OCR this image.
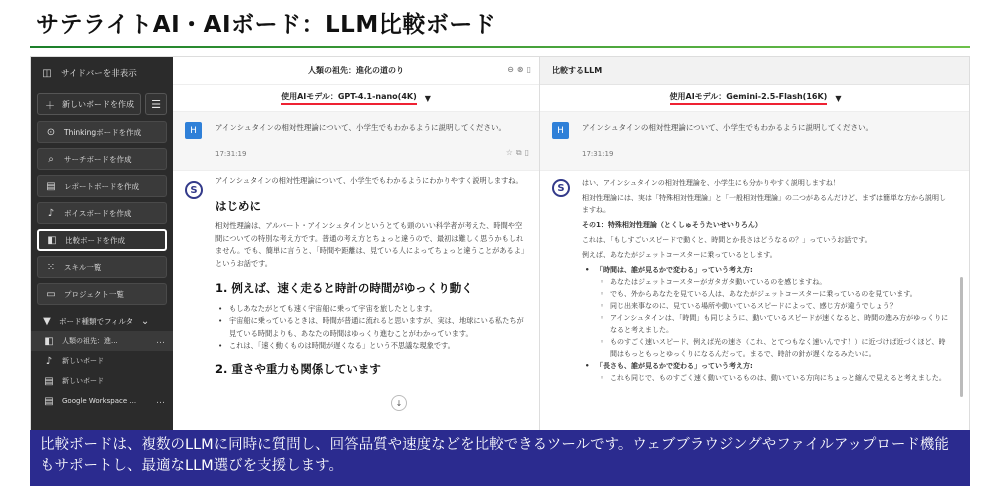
サテライトAI・AIボード：LLM比較ボード
◫ サイドバーを非表示
＋ 新しいボードを作成 ☰
⊙ Thinkingボードを作成
⌕	サーチボードを作成
▤ レポートボードを作成
♪	ボイスボードを作成
◧ 比較ボードを作成
⁙ スキル一覧
▭ プロジェクト一覧
▼ ボード種類でフィルタ ⌄
◧ 人類の祖先：進...	…
♪	新しいボード
▤ 新しいボード
▤ Google Workspace ... …
人類の祖先：進化の道のり	⊖ ⊗ ▯
使用AIモデル：GPT-4.1-nano(4K) ▼
H	アインシュタインの相対性理論について、小学生でもわかるように説明してください。
17:31:19	☆ ⧉ ▯
S

アインシュタインの相対性理論について、小学生でもわかるようにわかりやすく説明しますね。

はじめに

相対性理論は、アルバート・アインシュタインというとても頭のいい科学者が考えた、時間や空間についての特別な考え方です。普通の考え方とちょっと違うので、最初は難しく思うかもしれません。でも、簡単に言うと、「時間や距離は、見ている人によってちょっと違うことがあるよ」というお話です。

1. 例えば、速く走ると時計の時間がゆっくり動く

• もしあなたがとても速く宇宙船に乗って宇宙を旅したとします。
• 宇宙船に乗っているときは、時間が普通に流れると思いますが、実は、地球にいる私たちが見ている時間よりも、あなたの時間はゆっくり進むことがわかっています。
• これは、「速く動くものは時間が遅くなる」という不思議な現象です。

2. 重さや重力も関係しています

↓
比較するLLM
使用AIモデル：Gemini-2.5-Flash(16K) ▼
H	アインシュタインの相対性理論について、小学生でもわかるように説明してください。
17:31:19
S	はい、アインシュタインの相対性理論を、小学生にも分かりやすく説明しますね！

相対性理論には、実は「特殊相対性理論」と「一般相対性理論」の二つがあるんだけど、まずは簡単な方から説明しますね。

その1：特殊相対性理論（とくしゅそうたいせいりろん）

これは、「もしすごいスピードで動くと、時間とか長さはどうなるの？」っていうお話です。

例えば、あなたがジェットコースターに乗っているとします。

• 「時間は、誰が見るかで変わる」っていう考え方:
◦ あなたはジェットコースターがガタガタ動いているのを感じますね。
◦ でも、外からあなたを見ている人は、あなたがジェットコースターに乗っているのを見ています。
◦ 同じ出来事なのに、見ている場所や動いているスピードによって、感じ方が違うでしょう？
◦ アインシュタインは、「時間」も同じように、動いているスピードが速くなると、時間の進み方がゆっくりになると考えました。
◦ ものすごく速いスピード、例えば光の速さ（これ、とてつもなく速いんです！）に近づけば近づくほど、時間はもっともっとゆっくりになるんだって。まるで、時計の針が遅くなるみたいに。
• 「長さも、誰が見るかで変わる」っていう考え方:
◦ これも同じで、ものすごく速く動いているものは、動いている方向にちょっと縮んで見えると考えました。
比較ボードは、複数のLLMに同時に質問し、回答品質や速度などを比較できるツールです。ウェブブラウジングやファイルアップロード機能もサポートし、最適なLLM選びを支援します。
